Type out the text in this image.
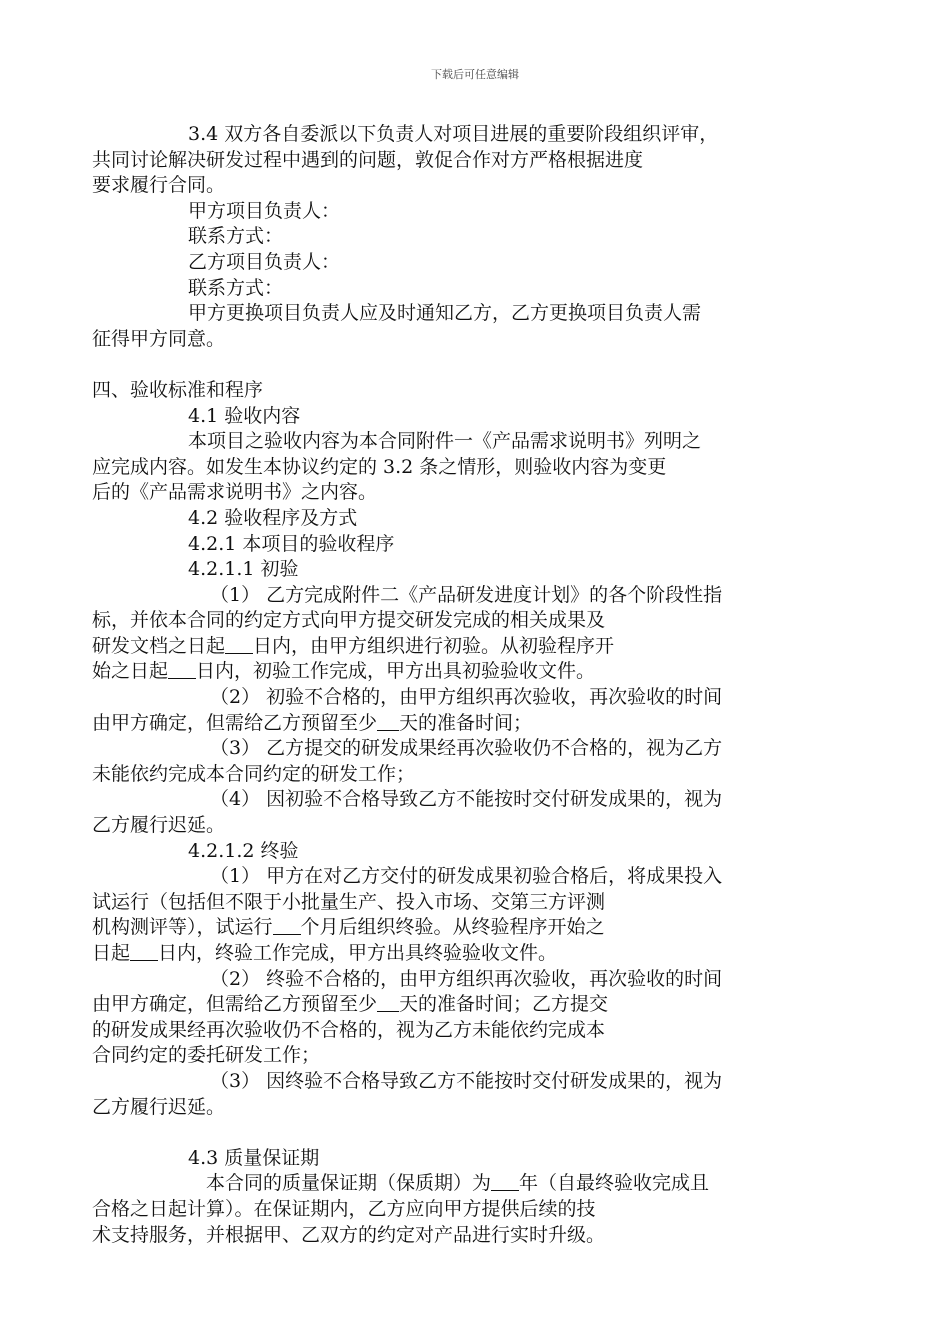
下载后可任意编辑
3.4 双方各自委派以下负责人对项目进展的重要阶段组织评审，
共同讨论解决研发过程中遇到的问题，敦促合作对方严格根据进度
要求履行合同。
甲方项目负责人：
联系方式：
乙方项目负责人：
联系方式：
甲方更换项目负责人应及时通知乙方，乙方更换项目负责人需
征得甲方同意。
四、验收标准和程序
4.1 验收内容
本项目之验收内容为本合同附件一《产品需求说明书》列明之
应完成内容。如发生本协议约定的 3.2 条之情形，则验收内容为变更
后的《产品需求说明书》之内容。
4.2 验收程序及方式
4.2.1 本项目的验收程序
4.2.1.1 初验
（1） 乙方完成附件二《产品研发进度计划》的各个阶段性指
标，并依本合同的约定方式向甲方提交研发完成的相关成果及
研发文档之日起 日内，由甲方组织进行初验。从初验程序开
始之日起 日内，初验工作完成，甲方出具初验验收文件。
（2） 初验不合格的，由甲方组织再次验收，再次验收的时间
由甲方确定，但需给乙方预留至少 天的准备时间；
（3） 乙方提交的研发成果经再次验收仍不合格的，视为乙方
未能依约完成本合同约定的研发工作；
（4） 因初验不合格导致乙方不能按时交付研发成果的，视为
乙方履行迟延。
4.2.1.2 终验
（1） 甲方在对乙方交付的研发成果初验合格后，将成果投入
试运行（包括但不限于小批量生产、投入市场、交第三方评测
机构测评等），试运行 个月后组织终验。从终验程序开始之
日起 日内，终验工作完成，甲方出具终验验收文件。
（2） 终验不合格的，由甲方组织再次验收，再次验收的时间
由甲方确定，但需给乙方预留至少 天的准备时间；乙方提交
的研发成果经再次验收仍不合格的，视为乙方未能依约完成本
合同约定的委托研发工作；
（3） 因终验不合格导致乙方不能按时交付研发成果的，视为
乙方履行迟延。
4.3 质量保证期
本合同的质量保证期（保质期）为 年（自最终验收完成且
合格之日起计算）。在保证期内，乙方应向甲方提供后续的技
术支持服务，并根据甲、乙双方的约定对产品进行实时升级。
